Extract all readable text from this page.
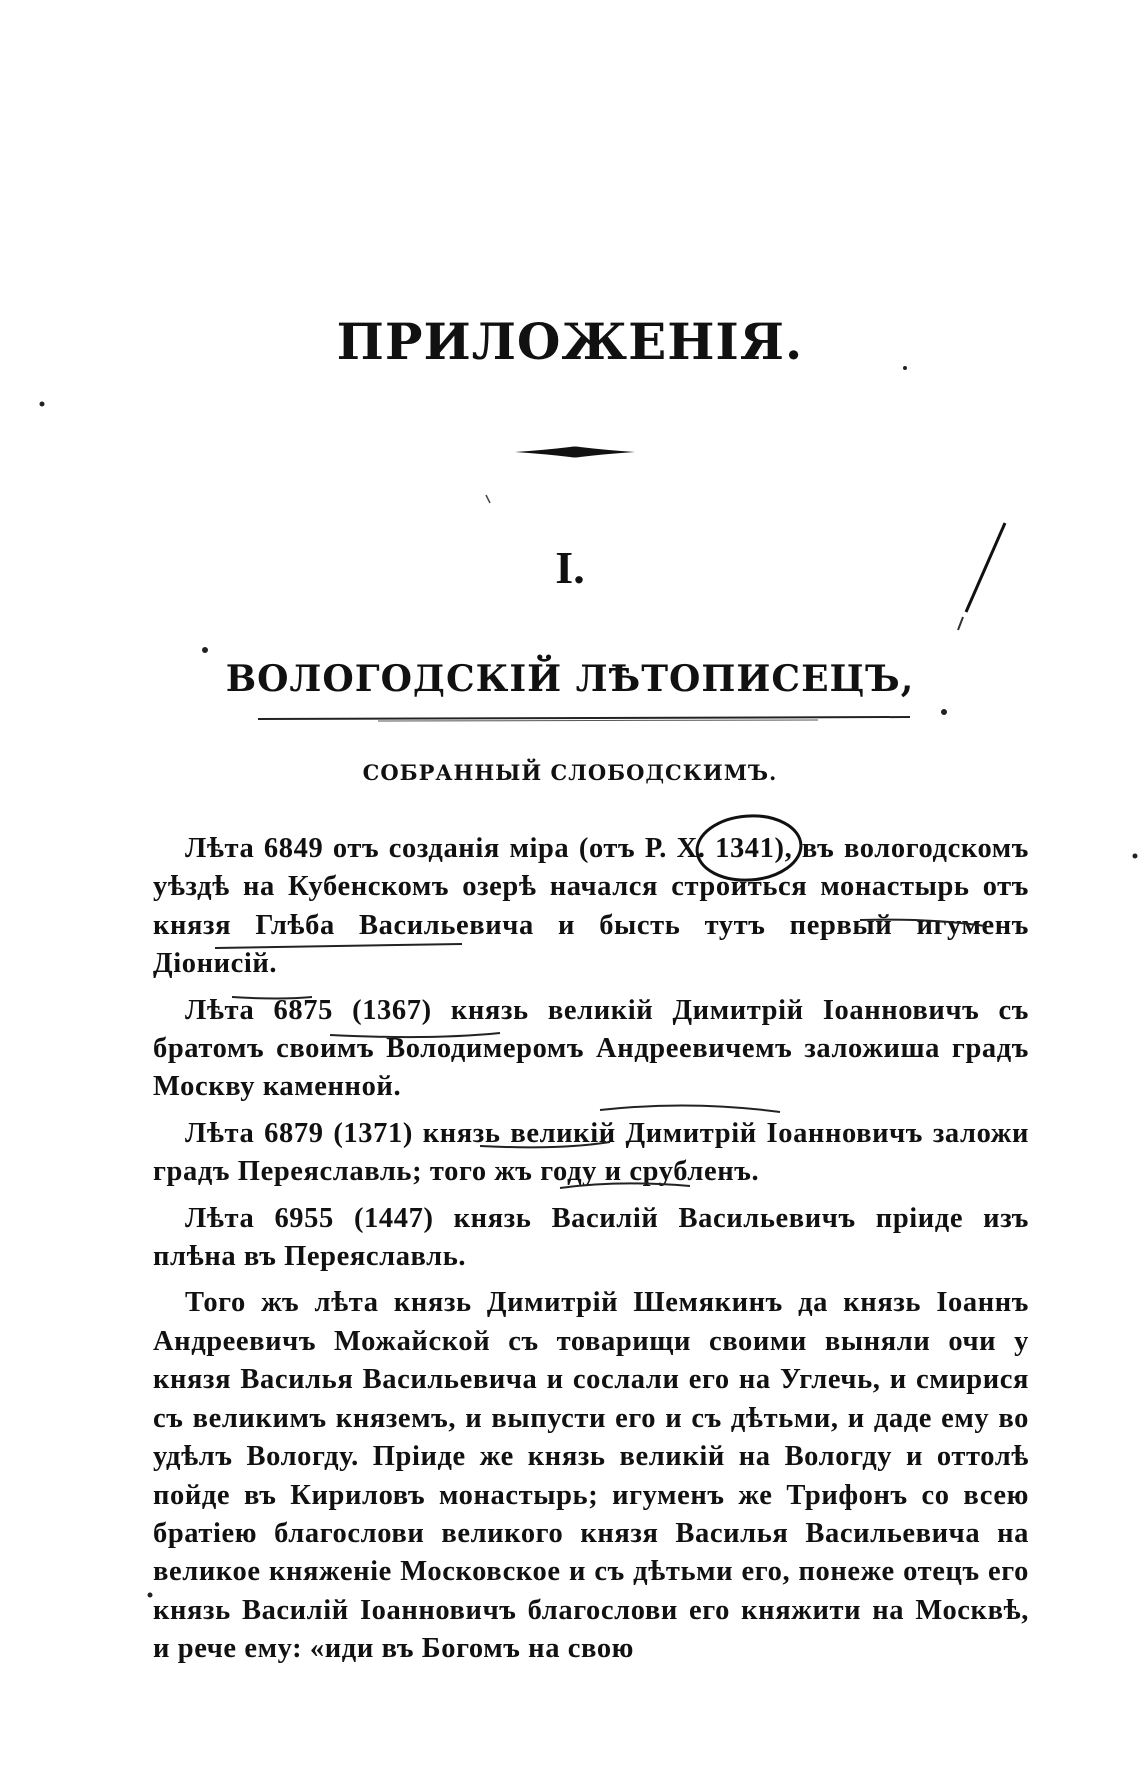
ПРИЛОЖЕНІЯ.
I.
ВОЛОГОДСКІЙ ЛѢТОПИСЕЦЪ,
СОБРАННЫЙ СЛОБОДСКИМЪ.

Лѣта 6849 отъ созданія міра (отъ Р. Х. 1341), въ вологодскомъ уѣздѣ на Кубенскомъ озерѣ начался строиться монастырь отъ князя Глѣба Васильевича и бысть тутъ первый игуменъ Діонисій.

Лѣта 6875 (1367) князь великій Димитрій Іоанновичъ съ братомъ своимъ Володимеромъ Андреевичемъ заложиша градъ Москву каменной.

Лѣта 6879 (1371) князь великій Димитрій Іоанновичъ заложи градъ Переяславль; того жъ году и срубленъ.

Лѣта 6955 (1447) князь Василій Васильевичъ пріиде изъ плѣна въ Переяславль.

Того жъ лѣта князь Димитрій Шемякинъ да князь Іоаннъ Андреевичъ Можайской съ товарищи своими выняли очи у князя Василья Васильевича и сослали его на Углечь, и смирися съ великимъ княземъ, и выпусти его и съ дѣтьми, и даде ему во удѣлъ Вологду. Пріиде же князь великій на Вологду и оттолѣ пойде въ Кириловъ монастырь; игуменъ же Трифонъ со всею братіею благослови великого князя Василья Васильевича на великое княженіе Московское и съ дѣтьми его, понеже отецъ его князь Василій Іоанновичъ благослови его княжити на Москвѣ, и рече ему: «иди въ Богомъ на свою
